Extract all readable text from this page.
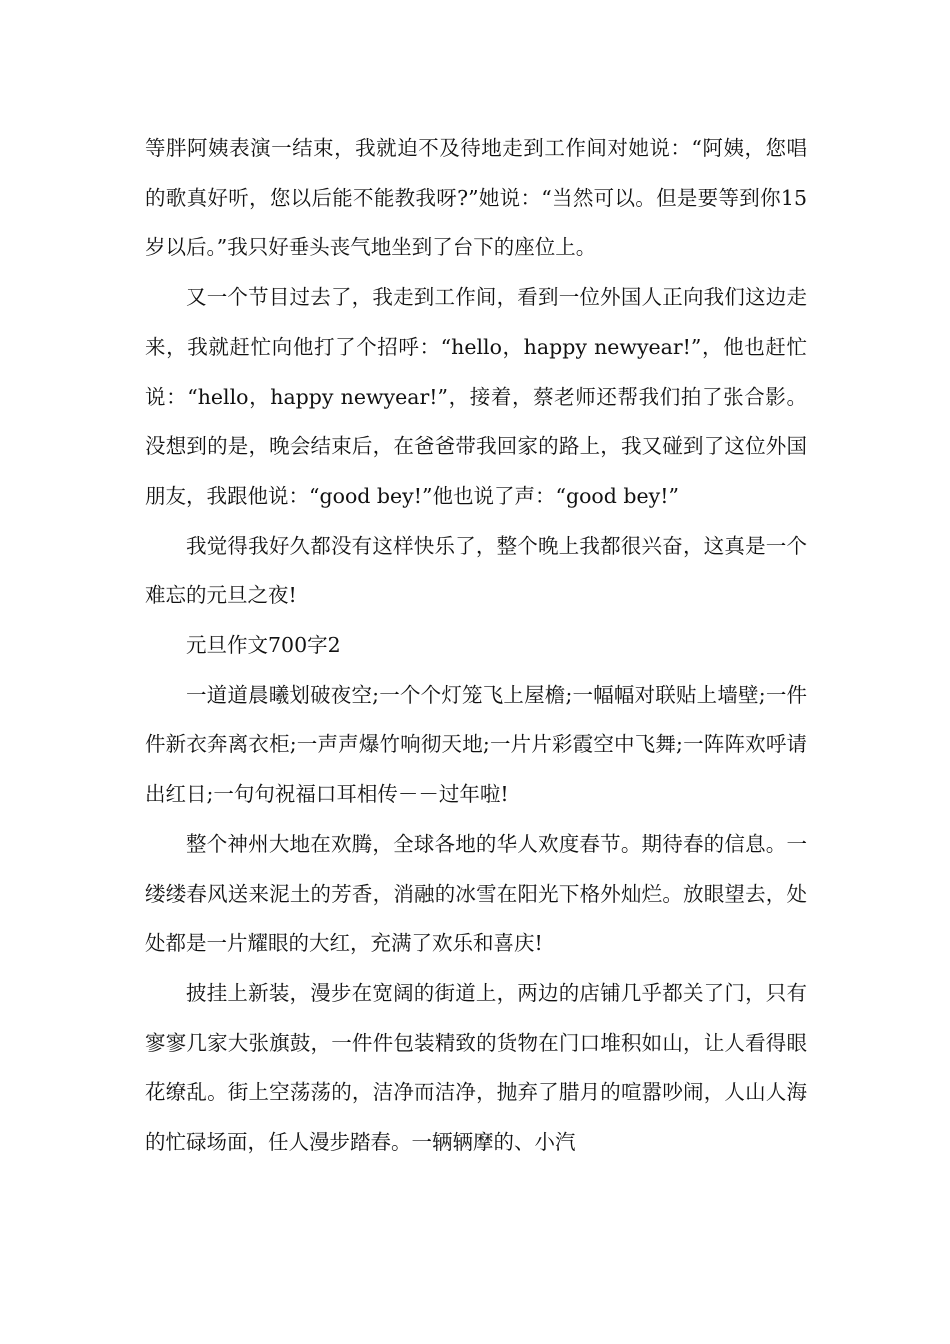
等胖阿姨表演一结束，我就迫不及待地走到工作间对她说：“阿姨，您唱的歌真好听，您以后能不能教我呀?”她说：“当然可以。但是要等到你15岁以后。”我只好垂头丧气地坐到了台下的座位上。

又一个节目过去了，我走到工作间，看到一位外国人正向我们这边走来，我就赶忙向他打了个招呼：“hello，happy newyear!”，他也赶忙说：“hello，happy newyear!”，接着，蔡老师还帮我们拍了张合影。没想到的是，晚会结束后，在爸爸带我回家的路上，我又碰到了这位外国朋友，我跟他说：“good bey!”他也说了声：“good bey!”

我觉得我好久都没有这样快乐了，整个晚上我都很兴奋，这真是一个难忘的元旦之夜!

元旦作文700字2

一道道晨曦划破夜空;一个个灯笼飞上屋檐;一幅幅对联贴上墙壁;一件件新衣奔离衣柜;一声声爆竹响彻天地;一片片彩霞空中飞舞;一阵阵欢呼请出红日;一句句祝福口耳相传－－过年啦!

整个神州大地在欢腾，全球各地的华人欢度春节。期待春的信息。一缕缕春风送来泥土的芳香，消融的冰雪在阳光下格外灿烂。放眼望去，处处都是一片耀眼的大红，充满了欢乐和喜庆!

披挂上新装，漫步在宽阔的街道上，两边的店铺几乎都关了门，只有寥寥几家大张旗鼓，一件件包装精致的货物在门口堆积如山，让人看得眼花缭乱。街上空荡荡的，洁净而洁净，抛弃了腊月的喧嚣吵闹，人山人海的忙碌场面，任人漫步踏春。一辆辆摩的、小汽
